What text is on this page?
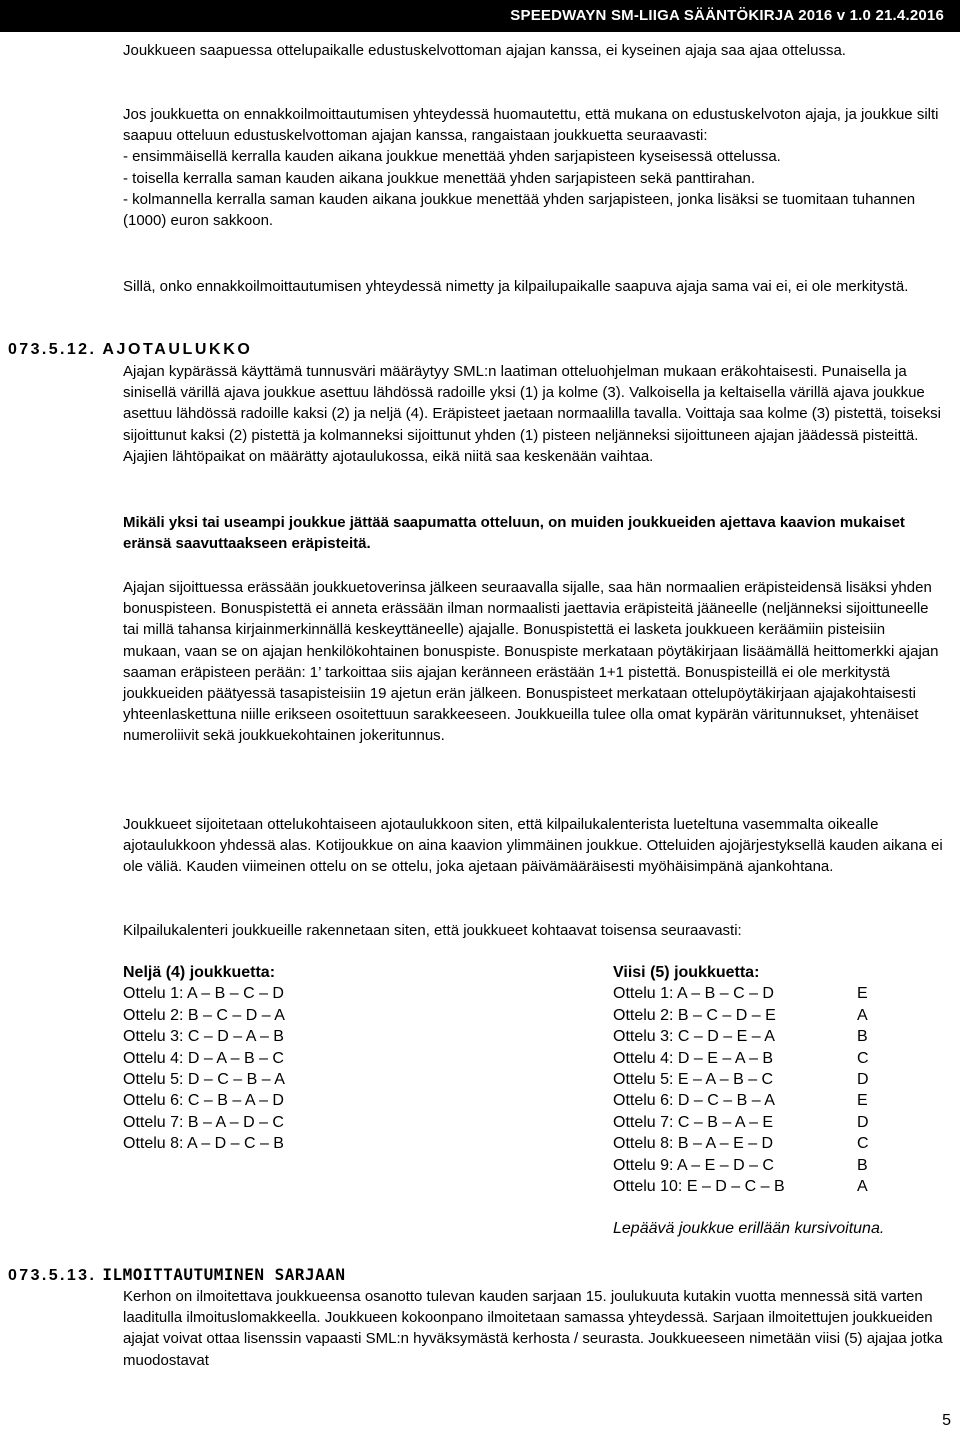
SPEEDWAYN SM-LIIGA SÄÄNTÖKIRJA 2016 v 1.0 21.4.2016

Joukkueen saapuessa ottelupaikalle edustuskelvottoman ajajan kanssa, ei kyseinen ajaja saa ajaa ottelussa.

Jos joukkuetta on ennakkoilmoittautumisen yhteydessä huomautettu, että mukana on edustuskelvoton ajaja, ja joukkue silti saapuu otteluun edustuskelvottoman ajajan kanssa, rangaistaan joukkuetta seuraavasti:

- ensimmäisellä kerralla kauden aikana joukkue menettää yhden sarjapisteen kyseisessä ottelussa.

- toisella kerralla saman kauden aikana joukkue menettää yhden sarjapisteen sekä panttirahan.

- kolmannella kerralla saman kauden aikana joukkue menettää yhden sarjapisteen, jonka lisäksi se tuomitaan tuhannen (1000) euron sakkoon.

Sillä, onko ennakkoilmoittautumisen yhteydessä nimetty ja kilpailupaikalle saapuva ajaja sama vai ei, ei ole merkitystä.

073.5.12. AJOTAULUKKO

Ajajan kypärässä käyttämä tunnusväri määräytyy SML:n laatiman otteluohjelman mukaan eräkohtaisesti. Punaisella ja sinisellä värillä ajava joukkue asettuu lähdössä radoille yksi (1) ja kolme (3). Valkoisella ja keltaisella värillä ajava joukkue asettuu lähdössä radoille kaksi (2) ja neljä (4). Eräpisteet jaetaan normaalilla tavalla. Voittaja saa kolme (3) pistettä, toiseksi sijoittunut kaksi (2) pistettä ja kolmanneksi sijoittunut yhden (1) pisteen neljänneksi sijoittuneen ajajan jäädessä pisteittä. Ajajien lähtöpaikat on määrätty ajotaulukossa, eikä niitä saa keskenään vaihtaa.

Mikäli yksi tai useampi joukkue jättää saapumatta otteluun, on muiden joukkueiden ajettava kaavion mukaiset eränsä saavuttaakseen eräpisteitä.

Ajajan sijoittuessa erässään joukkuetoverinsa jälkeen seuraavalla sijalle, saa hän normaalien eräpisteidensä lisäksi yhden bonuspisteen. Bonuspistettä ei anneta erässään ilman normaalisti jaettavia eräpisteitä jääneelle (neljänneksi sijoittuneelle tai millä tahansa kirjainmerkinnällä keskeyttäneelle) ajajalle. Bonuspistettä ei lasketa joukkueen keräämiin pisteisiin mukaan, vaan se on ajajan henkilökohtainen bonuspiste. Bonuspiste merkataan pöytäkirjaan lisäämällä heittomerkki ajajan saaman eräpisteen perään: 1’ tarkoittaa siis ajajan keränneen erästään 1+1 pistettä. Bonuspisteillä ei ole merkitystä joukkueiden päätyessä tasapisteisiin 19 ajetun erän jälkeen. Bonuspisteet merkataan ottelupöytäkirjaan ajajakohtaisesti yhteenlaskettuna niille erikseen osoitettuun sarakkeeseen. Joukkueilla tulee olla omat kypärän väritunnukset, yhtenäiset numeroliivit sekä joukkuekohtainen jokeritunnus.

Joukkueet sijoitetaan ottelukohtaiseen ajotaulukkoon siten, että kilpailukalenterista lueteltuna vasemmalta oikealle ajotaulukkoon yhdessä alas. Kotijoukkue on aina kaavion ylimmäinen joukkue. Otteluiden ajojärjestyksellä kauden aikana ei ole väliä. Kauden viimeinen ottelu on se ottelu, joka ajetaan päivämääräisesti myöhäisimpänä ajankohtana.

Kilpailukalenteri joukkueille rakennetaan siten, että joukkueet kohtaavat toisensa seuraavasti:

Neljä (4) joukkuetta:
Ottelu 1: A – B – C – D
Ottelu 2: B – C – D – A
Ottelu 3: C – D – A – B
Ottelu 4: D – A – B – C
Ottelu 5: D – C – B – A
Ottelu 6: C – B – A – D
Ottelu 7: B – A – D – C
Ottelu 8: A – D – C – B
Viisi (5) joukkuetta:
Ottelu 1: A – B – C – D	E
Ottelu 2: B – C – D – E	A
Ottelu 3: C – D – E – A	B
Ottelu 4: D – E – A – B	C
Ottelu 5: E – A – B – C	D
Ottelu 6: D – C – B – A	E
Ottelu 7: C – B – A – E	D
Ottelu 8: B – A – E – D	C
Ottelu 9: A – E – D – C	B
Ottelu 10: E – D – C – B	A
Lepäävä joukkue erillään kursivoituna.
073.5.13. ILMOITTAUTUMINEN SARJAAN

Kerhon on ilmoitettava joukkueensa osanotto tulevan kauden sarjaan 15. joulukuuta kutakin vuotta mennessä sitä varten laaditulla ilmoituslomakkeella. Joukkueen kokoonpano ilmoitetaan samassa yhteydessä. Sarjaan ilmoitettujen joukkueiden ajajat voivat ottaa lisenssin vapaasti SML:n hyväksymästä kerhosta / seurasta. Joukkueeseen nimetään viisi (5) ajajaa jotka muodostavat

5
